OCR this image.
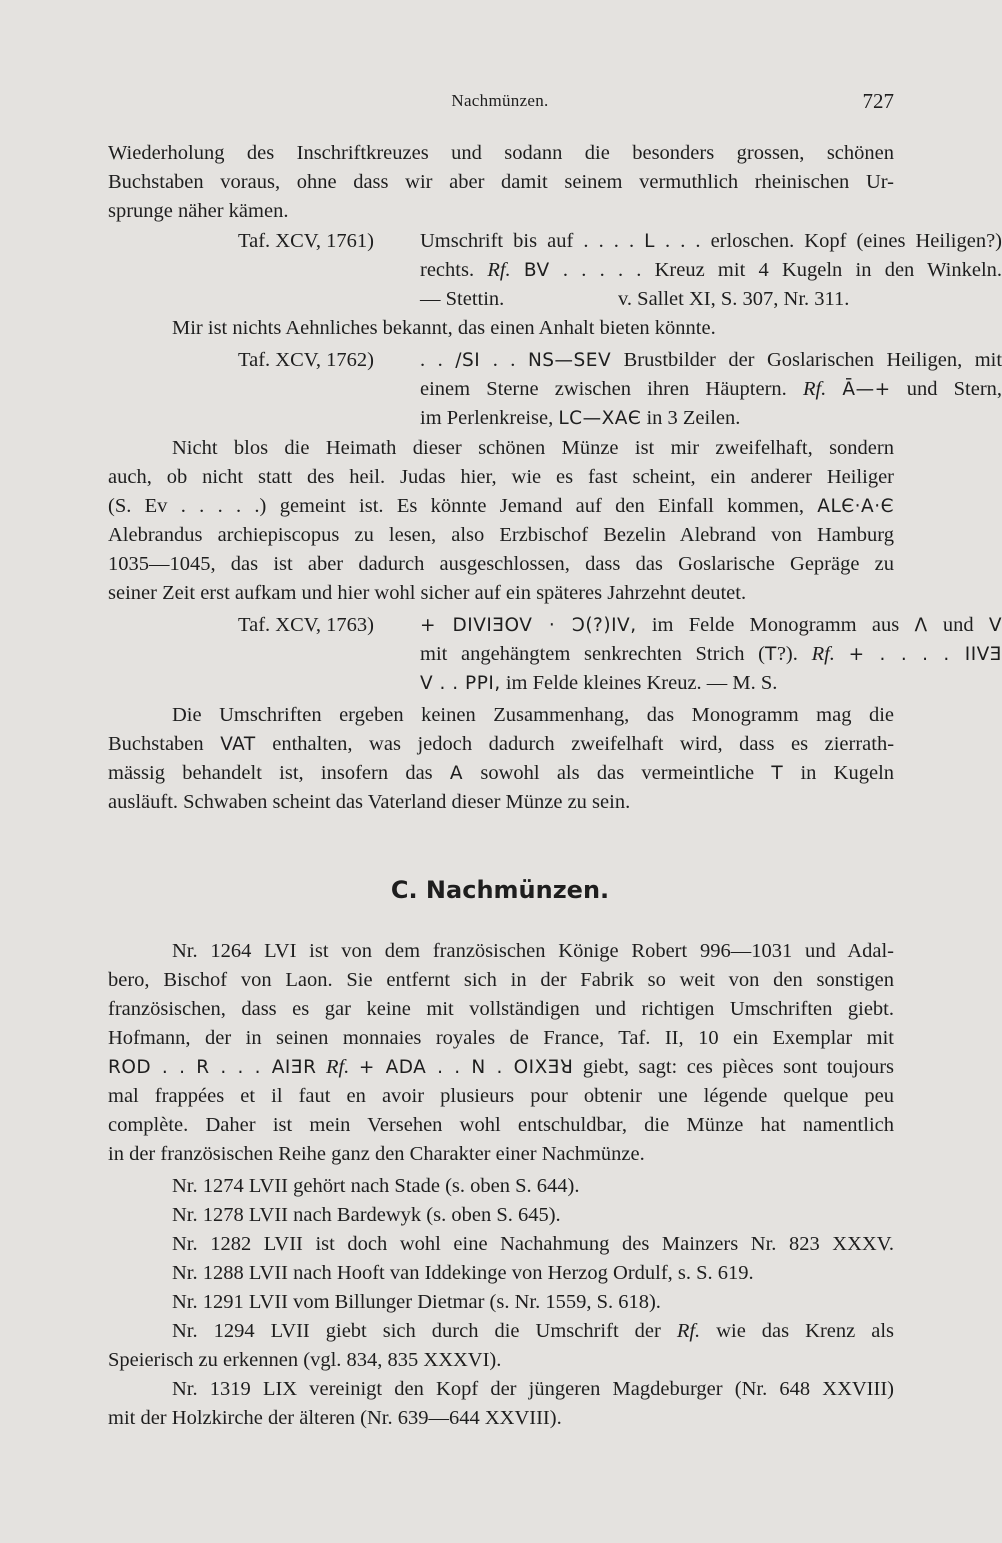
Nachmünzen.	727
Wiederholung des Inschriftkreuzes und sodann die besonders grossen, schönen
Buchstaben voraus, ohne dass wir aber damit seinem vermuthlich rheinischen Ur-
sprunge näher kämen.
Taf. XCV, 1761)	Umschrift bis auf . . . . L . . . erloschen. Kopf (eines Heiligen?)
rechts. Rf. BV . . . . . Kreuz mit 4 Kugeln in den Winkeln.
— Stettin.	v. Sallet XI, S. 307, Nr. 311.
Mir ist nichts Aehnliches bekannt, das einen Anhalt bieten könnte.
Taf. XCV, 1762)	. . /SI . . NS—SEV Brustbilder der Goslarischen Heiligen, mit
einem Sterne zwischen ihren Häuptern. Rf. Ā—+ und Stern,
im Perlenkreise, LC—XAЄ in 3 Zeilen.
Nicht blos die Heimath dieser schönen Münze ist mir zweifelhaft, sondern
auch, ob nicht statt des heil. Judas hier, wie es fast scheint, ein anderer Heiliger
(S. Ev . . . . .) gemeint ist. Es könnte Jemand auf den Einfall kommen, ALЄ·A·Є
Alebrandus archiepiscopus zu lesen, also Erzbischof Bezelin Alebrand von Hamburg
1035—1045, das ist aber dadurch ausgeschlossen, dass das Goslarische Gepräge zu
seiner Zeit erst aufkam und hier wohl sicher auf ein späteres Jahrzehnt deutet.
Taf. XCV, 1763)	+ DIVIƎOV · Ɔ(?)IV, im Felde Monogramm aus Λ und V
mit angehängtem senkrechten Strich (T?). Rf. + . . . . IIVƎ
V . . PPI, im Felde kleines Kreuz. — M. S.
Die Umschriften ergeben keinen Zusammenhang, das Monogramm mag die
Buchstaben VAT enthalten, was jedoch dadurch zweifelhaft wird, dass es zierrath-
mässig behandelt ist, insofern das A sowohl als das vermeintliche T in Kugeln
ausläuft. Schwaben scheint das Vaterland dieser Münze zu sein.
C. Nachmünzen.
Nr. 1264 LVI ist von dem französischen Könige Robert 996—1031 und Adal-
bero, Bischof von Laon. Sie entfernt sich in der Fabrik so weit von den sonstigen
französischen, dass es gar keine mit vollständigen und richtigen Umschriften giebt.
Hofmann, der in seinen monnaies royales de France, Taf. II, 10 ein Exemplar mit
ROD . . R . . . AIƎR Rf. + ADA . . N . OIXƎꓤ giebt, sagt: ces pièces sont toujours
mal frappées et il faut en avoir plusieurs pour obtenir une légende quelque peu
complète. Daher ist mein Versehen wohl entschuldbar, die Münze hat namentlich
in der französischen Reihe ganz den Charakter einer Nachmünze.
Nr. 1274 LVII gehört nach Stade (s. oben S. 644).
Nr. 1278 LVII nach Bardewyk (s. oben S. 645).
Nr. 1282 LVII ist doch wohl eine Nachahmung des Mainzers Nr. 823 XXXV.
Nr. 1288 LVII nach Hooft van Iddekinge von Herzog Ordulf, s. S. 619.
Nr. 1291 LVII vom Billunger Dietmar (s. Nr. 1559, S. 618).
Nr. 1294 LVII giebt sich durch die Umschrift der Rf. wie das Krenz als
Speierisch zu erkennen (vgl. 834, 835 XXXVI).
Nr. 1319 LIX vereinigt den Kopf der jüngeren Magdeburger (Nr. 648 XXVIII)
mit der Holzkirche der älteren (Nr. 639—644 XXVIII).
